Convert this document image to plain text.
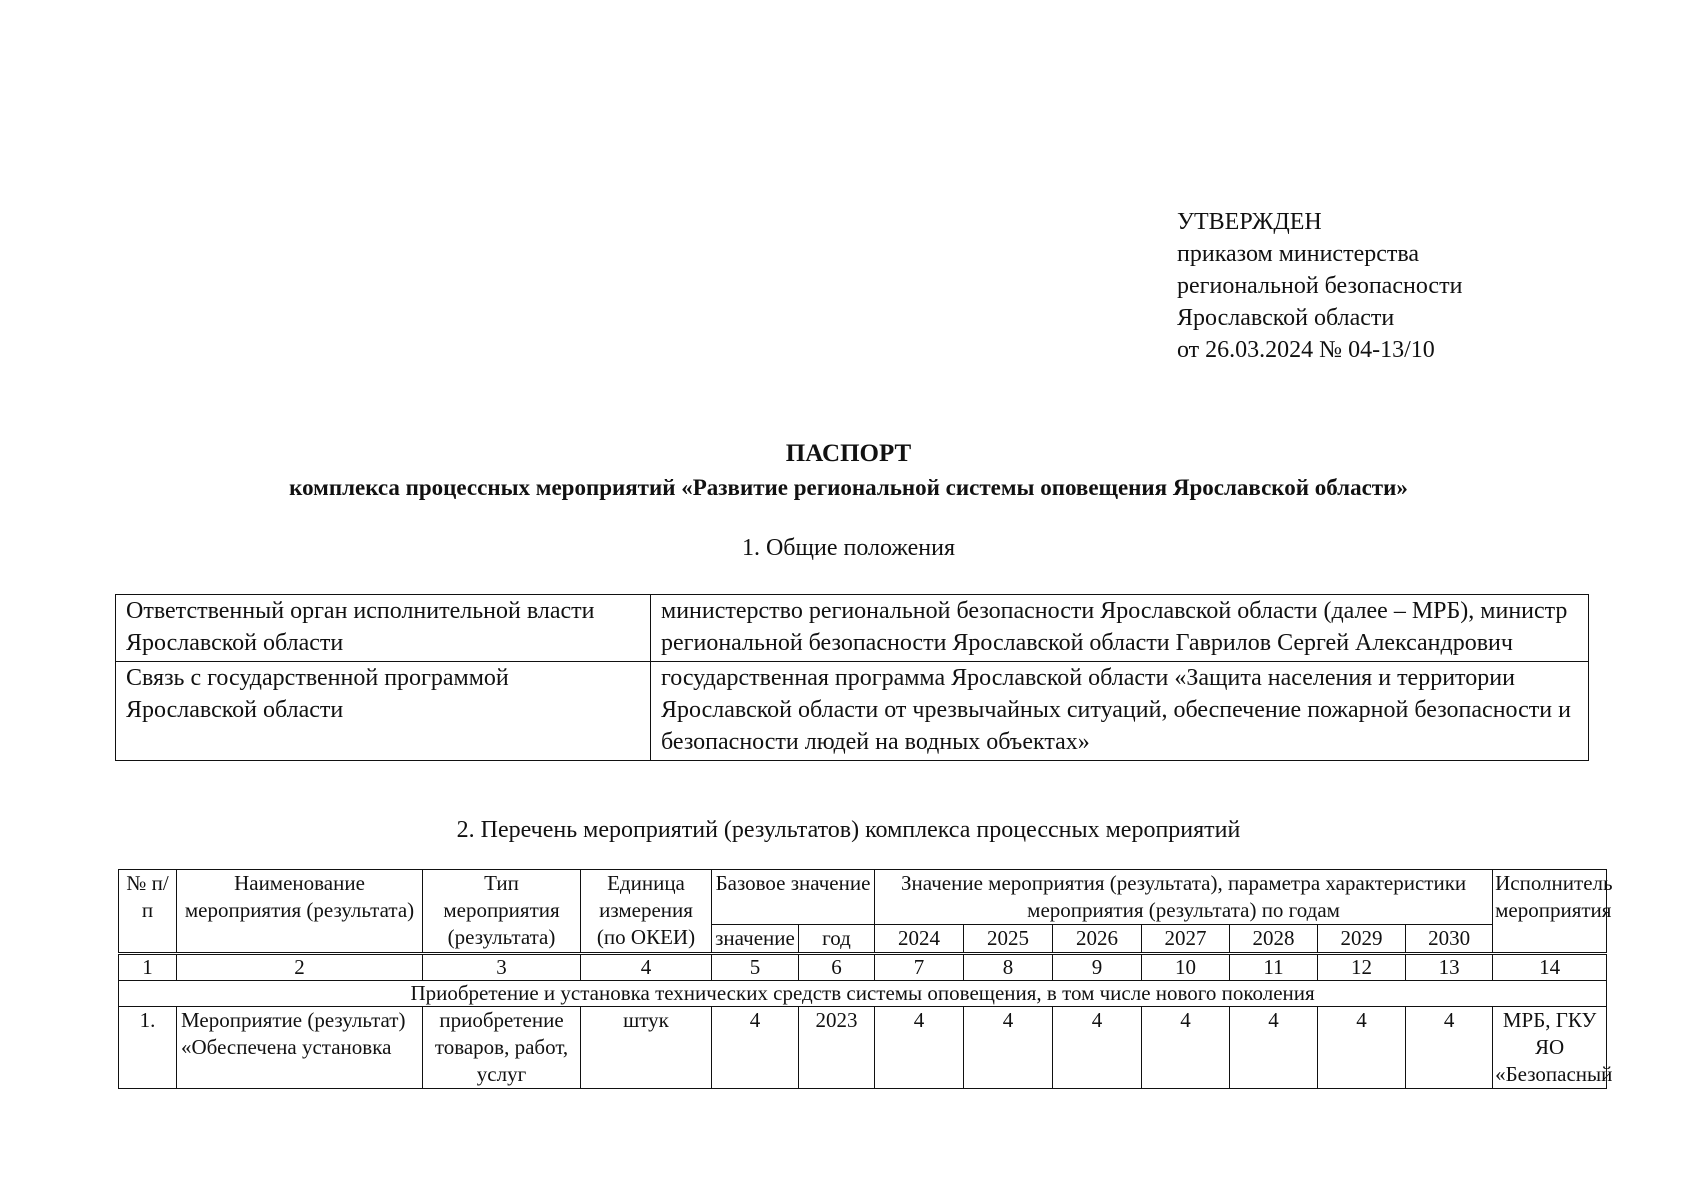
УТВЕРЖДЕН
приказом министерства
региональной безопасности
Ярославской области
от 26.03.2024 № 04-13/10
ПАСПОРТ
комплекса процессных мероприятий «Развитие региональной системы оповещения Ярославской области»
1. Общие положения
Ответственный орган исполнительной власти Ярославской области	министерство региональной безопасности Ярославской области (далее – МРБ), министр региональной безопасности Ярославской области Гаврилов Сергей Александрович
Связь с государственной программой Ярославской области	государственная программа Ярославской области «Защита населения и территории Ярославской области от чрезвычайных ситуаций, обеспечение пожарной безопасности и безопасности людей на водных объектах»
2. Перечень мероприятий (результатов) комплекса процессных мероприятий
№ п/п	Наименование мероприятия (результата)	Тип мероприятия (результата)	Единица измерения (по ОКЕИ)	Базовое значение		Значение мероприятия (результата), параметра характеристики мероприятия (результата) по годам							Исполнитель мероприятия
				значение	год	2024	2025	2026	2027	2028	2029	2030	
1	2	3	4	5	6	7	8	9	10	11	12	13	14
Приобретение и установка технических средств системы оповещения, в том числе нового поколения													
1.	Мероприятие (результат) «Обеспечена установка	приобретение товаров, работ, услуг	штук	4	2023	4	4	4	4	4	4	4	МРБ, ГКУ ЯО «Безопасный
